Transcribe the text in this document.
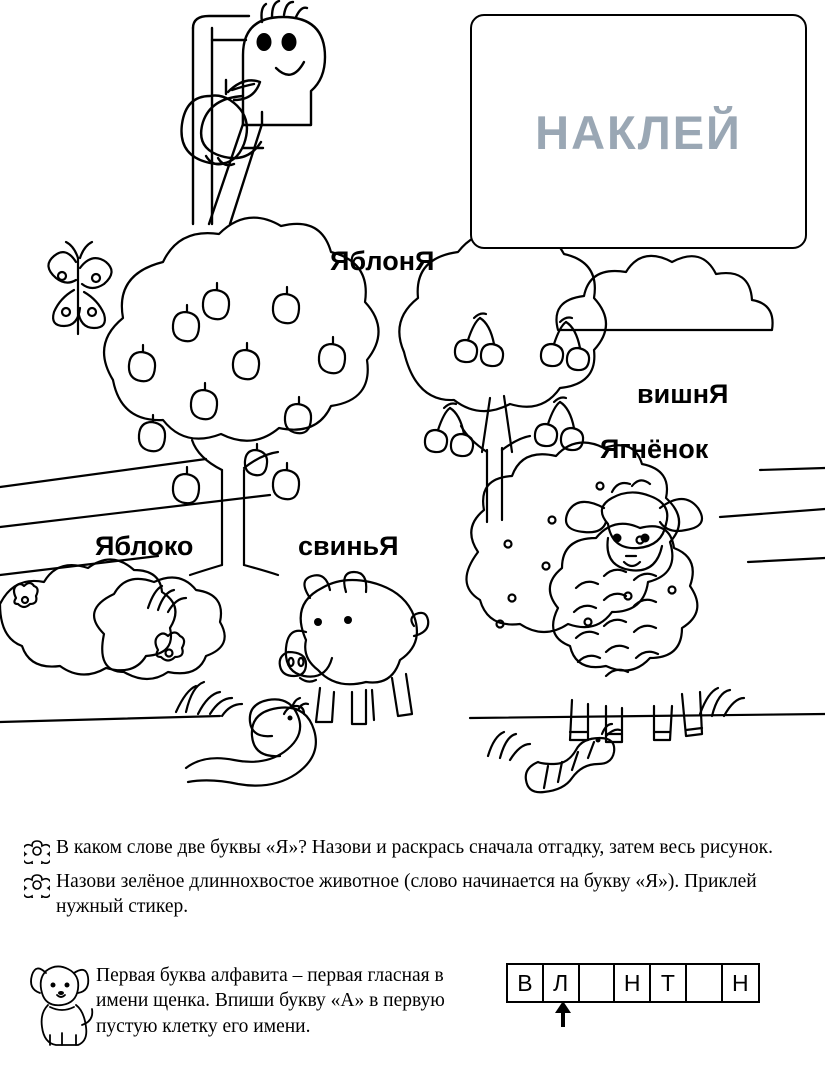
НАКЛЕЙ
ЯблонЯ
вишнЯ
Ягнёнок
Яблоко	свиньЯ
В каком слове две буквы «Я»? Назови и раскрась сначала отгадку, затем весь рисунок.
Назови зелёное длиннохвостое животное (слово начинается на букву «Я»). Приклей нужный стикер.
Первая буква алфавита – первая гласная в имени щенка. Впиши букву «А» в первую пустую клетку его имени.
В Л	Н Т	Н
